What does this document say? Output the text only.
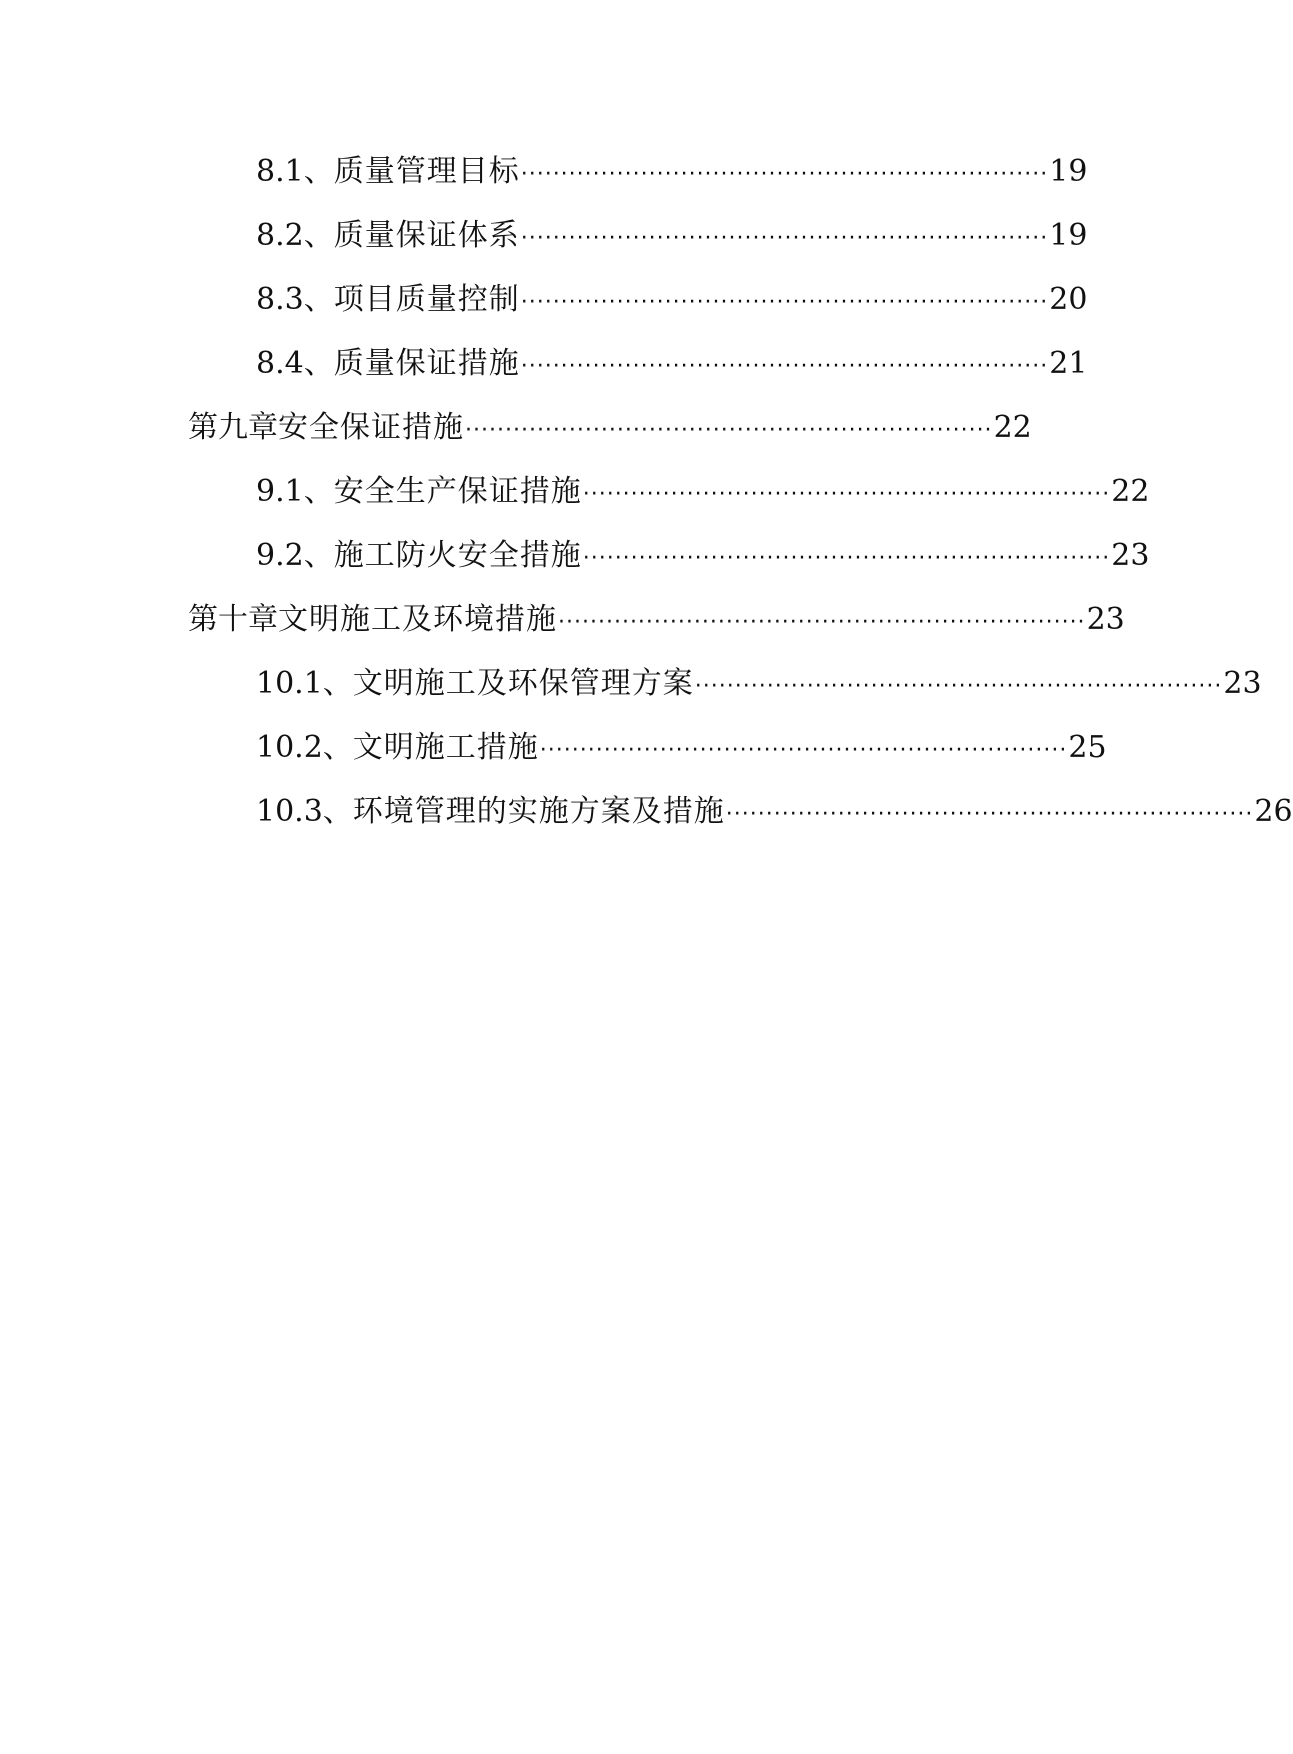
8.1、 质量管理目标 ·································································· 19
8.2、 质量保证体系 ·································································· 19
8.3、 项目质量控制 ·································································· 20
8.4、 质量保证措施 ·································································· 21
第九章 安全保证措施 ·································································· 22
9.1、 安全生产保证措施 ·································································· 22
9.2、 施工防火安全措施 ·································································· 23
第十章 文明施工及环境措施 ·································································· 23
10.1、 文明施工及环保管理方案 ·································································· 23
10.2、 文明施工措施 ·································································· 25
10.3、 环境管理的实施方案及措施 ·································································· 26
